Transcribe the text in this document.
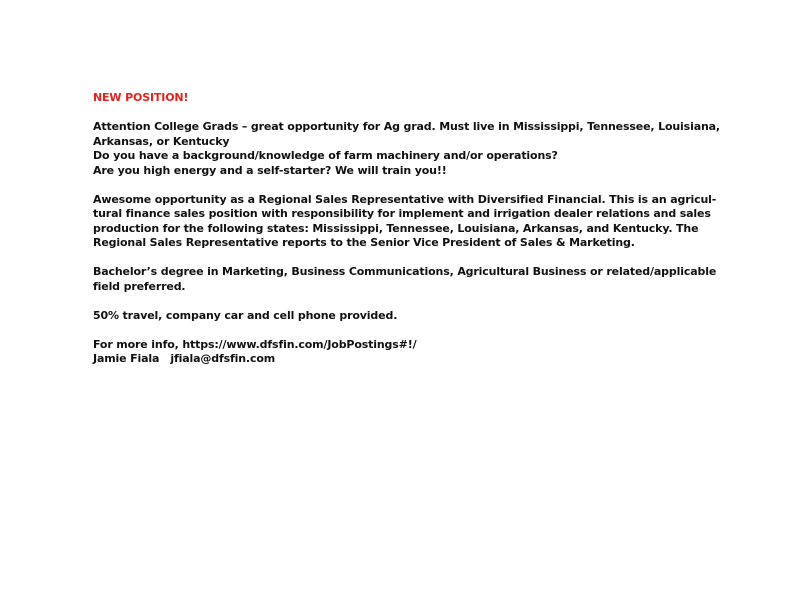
NEW POSITION!
Attention College Grads – great opportunity for Ag grad. Must live in Mississippi, Tennessee, Louisiana,
Arkansas, or Kentucky
Do you have a background/knowledge of farm machinery and/or operations?
Are you high energy and a self-starter? We will train you!!
Awesome opportunity as a Regional Sales Representative with Diversified Financial. This is an agricul-
tural finance sales position with responsibility for implement and irrigation dealer relations and sales
production for the following states: Mississippi, Tennessee, Louisiana, Arkansas, and Kentucky. The
Regional Sales Representative reports to the Senior Vice President of Sales & Marketing.
Bachelor’s degree in Marketing, Business Communications, Agricultural Business or related/applicable
field preferred.
50% travel, company car and cell phone provided.
For more info, https://www.dfsfin.com/JobPostings#!/
Jamie Fiala jfiala@dfsfin.com
